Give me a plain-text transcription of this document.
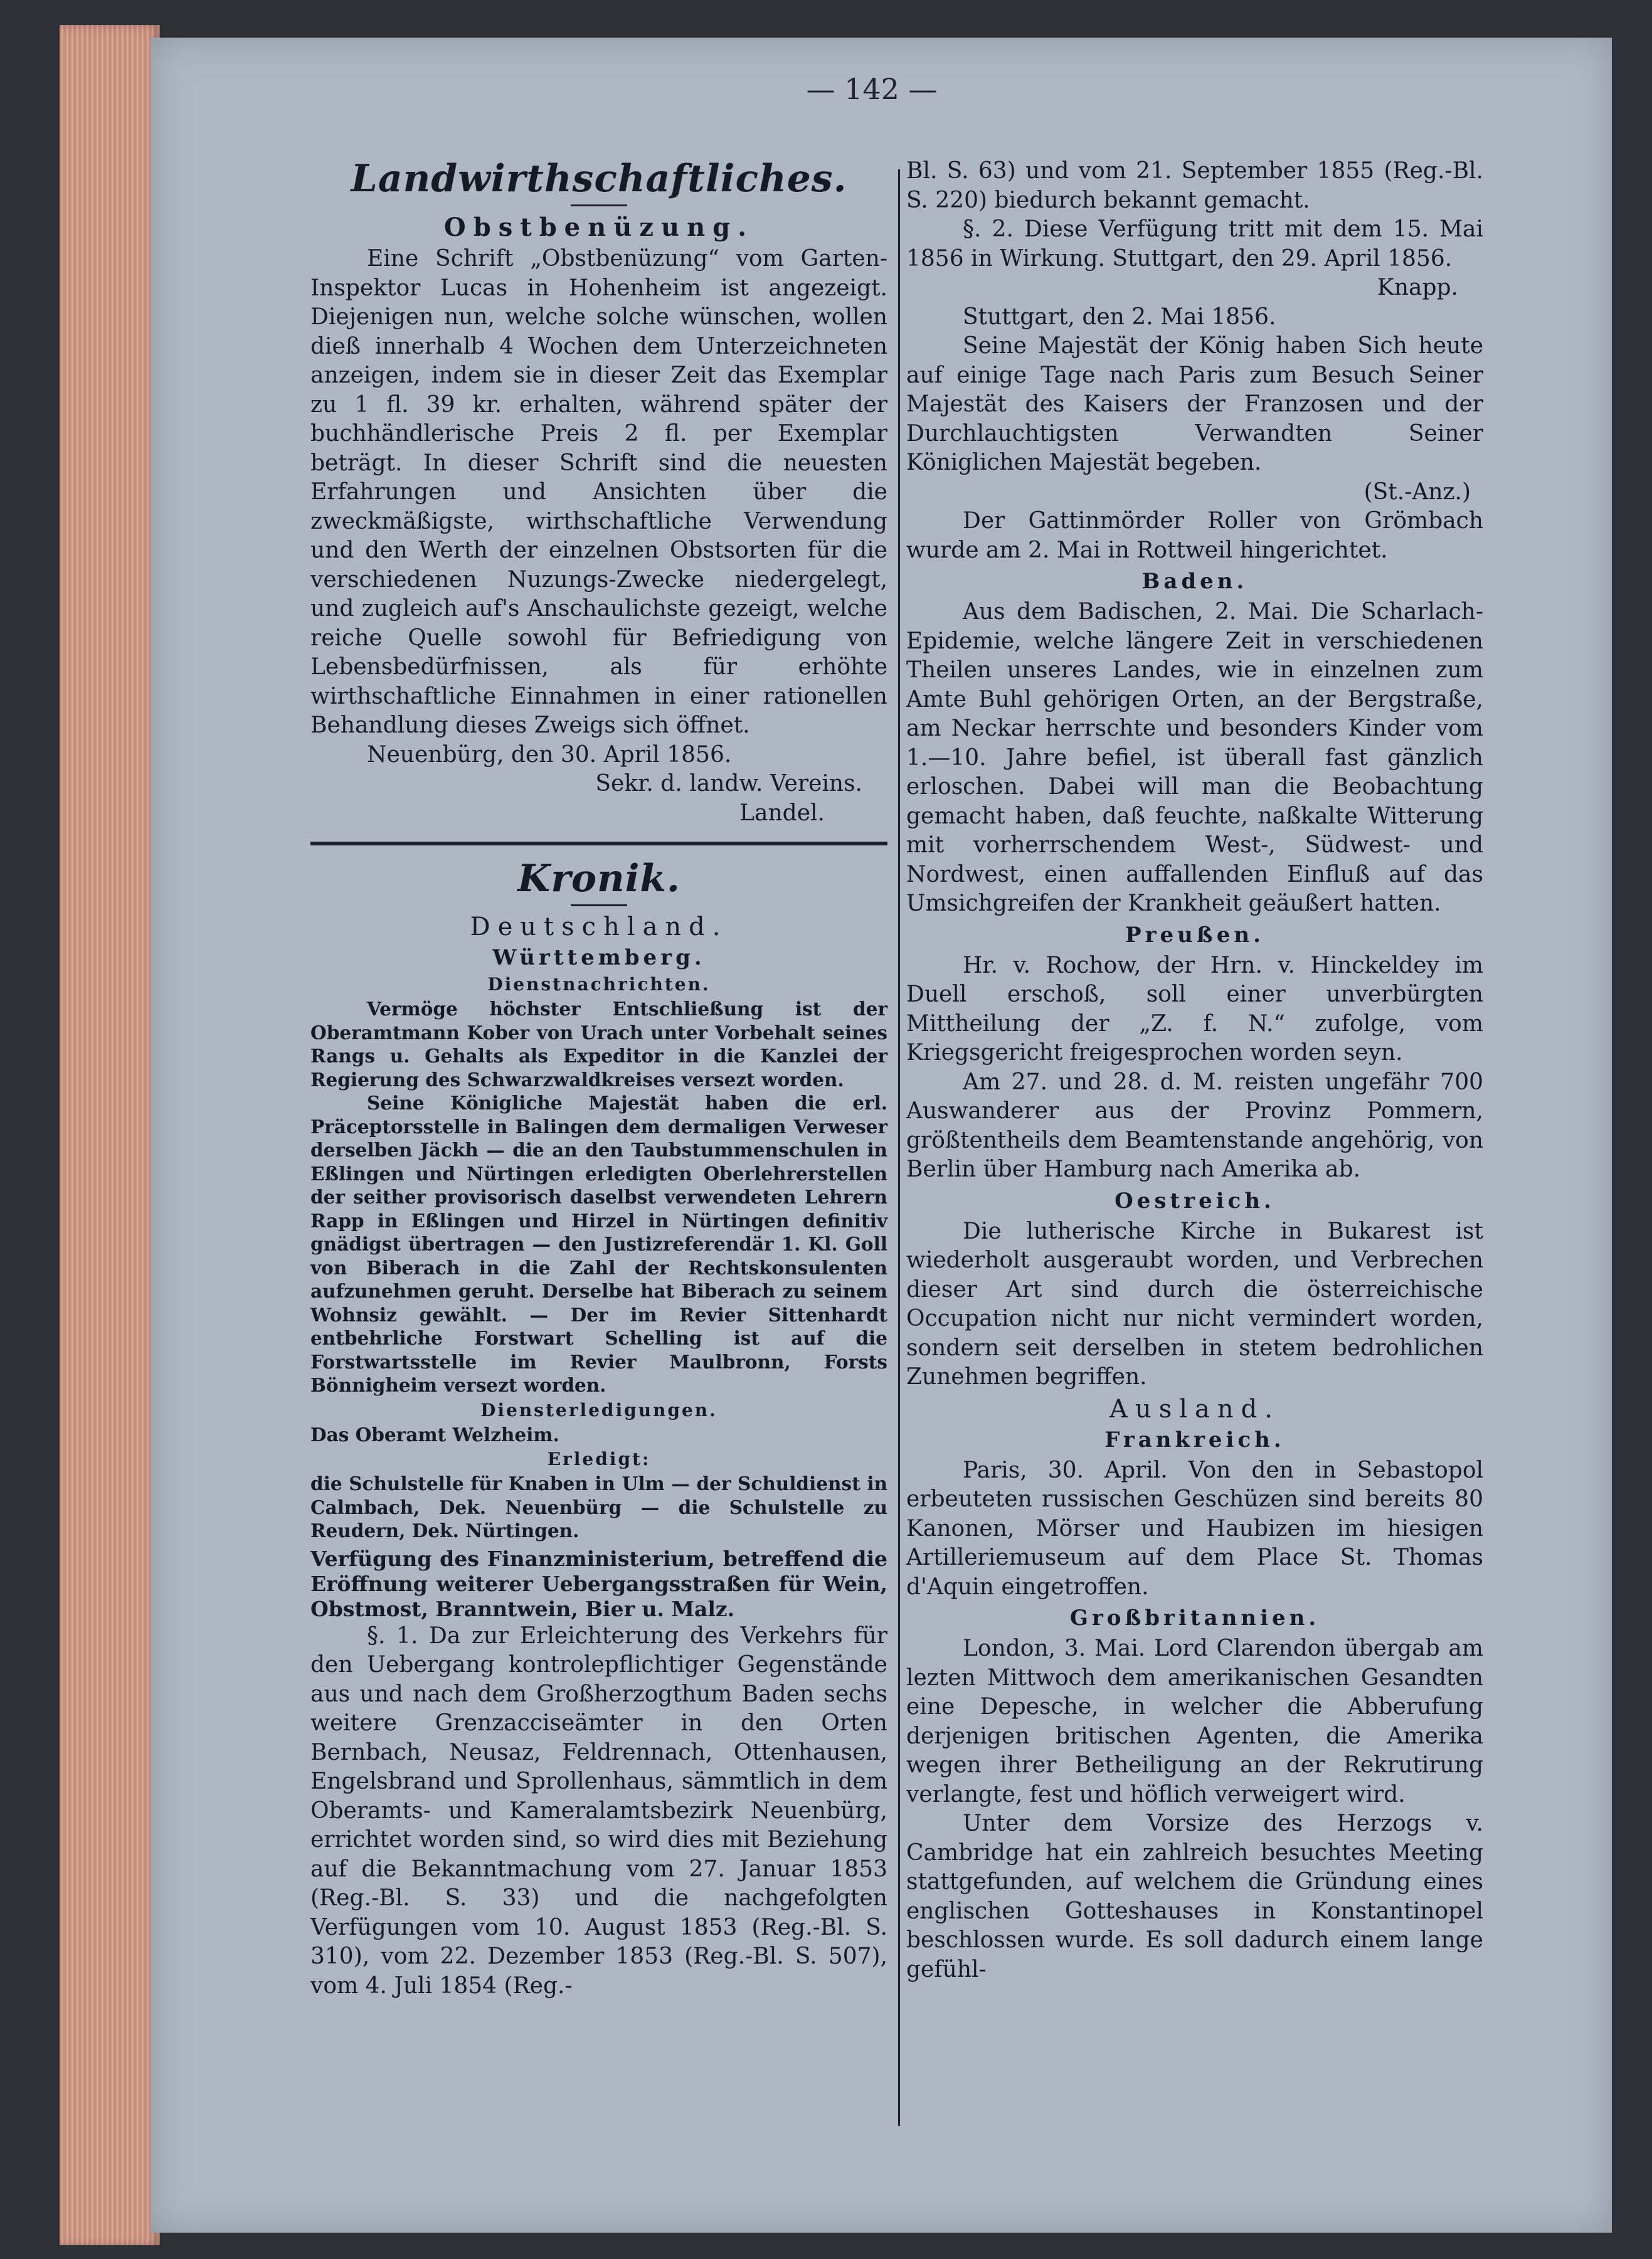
— 142 —
Landwirthschaftliches.
Obstbenüzung.

Eine Schrift „Obstbenüzung“ vom Garten-Inspektor Lucas in Hohenheim ist angezeigt. Diejenigen nun, welche solche wünschen, wollen dieß innerhalb 4 Wochen dem Unterzeichneten anzeigen, indem sie in dieser Zeit das Exemplar zu 1 fl. 39 kr. erhalten, während später der buchhändlerische Preis 2 fl. per Exemplar beträgt. In dieser Schrift sind die neuesten Erfahrungen und Ansichten über die zweckmäßigste, wirthschaftliche Verwendung und den Werth der einzelnen Obstsorten für die verschiedenen Nuzungs-Zwecke niedergelegt, und zugleich auf's Anschaulichste gezeigt, welche reiche Quelle sowohl für Befriedigung von Lebensbedürfnissen, als für erhöhte wirthschaftliche Einnahmen in einer rationellen Behandlung dieses Zweigs sich öffnet.

Neuenbürg, den 30. April 1856.

Sekr. d. landw. Vereins.

Landel.

Kronik.
Deutschland.
Württemberg.
Dienstnachrichten.

Vermöge höchster Entschließung ist der Oberamtmann Kober von Urach unter Vorbehalt seines Rangs u. Gehalts als Expeditor in die Kanzlei der Regierung des Schwarzwaldkreises versezt worden.

Seine Königliche Majestät haben die erl. Präceptorsstelle in Balingen dem dermaligen Verweser derselben Jäckh — die an den Taubstummenschulen in Eßlingen und Nürtingen erledigten Oberlehrerstellen der seither provisorisch daselbst verwendeten Lehrern Rapp in Eßlingen und Hirzel in Nürtingen definitiv gnädigst übertragen — den Justizreferendär 1. Kl. Goll von Biberach in die Zahl der Rechtskonsulenten aufzunehmen geruht. Derselbe hat Biberach zu seinem Wohnsiz gewählt. — Der im Revier Sittenhardt entbehrliche Forstwart Schelling ist auf die Forstwartsstelle im Revier Maulbronn, Forsts Bönnigheim versezt worden.

Diensterledigungen.

Das Oberamt Welzheim.

Erledigt:

die Schulstelle für Knaben in Ulm — der Schuldienst in Calmbach, Dek. Neuenbürg — die Schulstelle zu Reudern, Dek. Nürtingen.

Verfügung des Finanzministerium, betreffend die Eröffnung weiterer Uebergangsstraßen für Wein, Obstmost, Branntwein, Bier u. Malz.

§. 1. Da zur Erleichterung des Verkehrs für den Uebergang kontrolepflichtiger Gegenstände aus und nach dem Großherzogthum Baden sechs weitere Grenzacciseämter in den Orten Bernbach, Neusaz, Feldrennach, Ottenhausen, Engelsbrand und Sprollenhaus, sämmtlich in dem Oberamts- und Kameralamtsbezirk Neuenbürg, errichtet worden sind, so wird dies mit Beziehung auf die Bekanntmachung vom 27. Januar 1853 (Reg.-Bl. S. 33) und die nachgefolgten Verfügungen vom 10. August 1853 (Reg.-Bl. S. 310), vom 22. Dezember 1853 (Reg.-Bl. S. 507), vom 4. Juli 1854 (Reg.-

Bl. S. 63) und vom 21. September 1855 (Reg.-Bl. S. 220) biedurch bekannt gemacht.

§. 2. Diese Verfügung tritt mit dem 15. Mai 1856 in Wirkung. Stuttgart, den 29. April 1856.

Knapp.

Stuttgart, den 2. Mai 1856.

Seine Majestät der König haben Sich heute auf einige Tage nach Paris zum Besuch Seiner Majestät des Kaisers der Franzosen und der Durchlauchtigsten Verwandten Seiner Königlichen Majestät begeben.

(St.-Anz.)

Der Gattinmörder Roller von Grömbach wurde am 2. Mai in Rottweil hingerichtet.

Baden.

Aus dem Badischen, 2. Mai. Die Scharlach-Epidemie, welche längere Zeit in verschiedenen Theilen unseres Landes, wie in einzelnen zum Amte Buhl gehörigen Orten, an der Bergstraße, am Neckar herrschte und besonders Kinder vom 1.—10. Jahre befiel, ist überall fast gänzlich erloschen. Dabei will man die Beobachtung gemacht haben, daß feuchte, naßkalte Witterung mit vorherrschendem West-, Südwest- und Nordwest, einen auffallenden Einfluß auf das Umsichgreifen der Krankheit geäußert hatten.

Preußen.

Hr. v. Rochow, der Hrn. v. Hinckeldey im Duell erschoß, soll einer unverbürgten Mittheilung der „Z. f. N.“ zufolge, vom Kriegsgericht freigesprochen worden seyn.

Am 27. und 28. d. M. reisten ungefähr 700 Auswanderer aus der Provinz Pommern, größtentheils dem Beamtenstande angehörig, von Berlin über Hamburg nach Amerika ab.

Oestreich.

Die lutherische Kirche in Bukarest ist wiederholt ausgeraubt worden, und Verbrechen dieser Art sind durch die österreichische Occupation nicht nur nicht vermindert worden, sondern seit derselben in stetem bedrohlichen Zunehmen begriffen.

Ausland.
Frankreich.

Paris, 30. April. Von den in Sebastopol erbeuteten russischen Geschüzen sind bereits 80 Kanonen, Mörser und Haubizen im hiesigen Artilleriemuseum auf dem Place St. Thomas d'Aquin eingetroffen.

Großbritannien.

London, 3. Mai. Lord Clarendon übergab am lezten Mittwoch dem amerikanischen Gesandten eine Depesche, in welcher die Abberufung derjenigen britischen Agenten, die Amerika wegen ihrer Betheiligung an der Rekrutirung verlangte, fest und höflich verweigert wird.

Unter dem Vorsize des Herzogs v. Cambridge hat ein zahlreich besuchtes Meeting stattgefunden, auf welchem die Gründung eines englischen Gotteshauses in Konstantinopel beschlossen wurde. Es soll dadurch einem lange gefühl-
